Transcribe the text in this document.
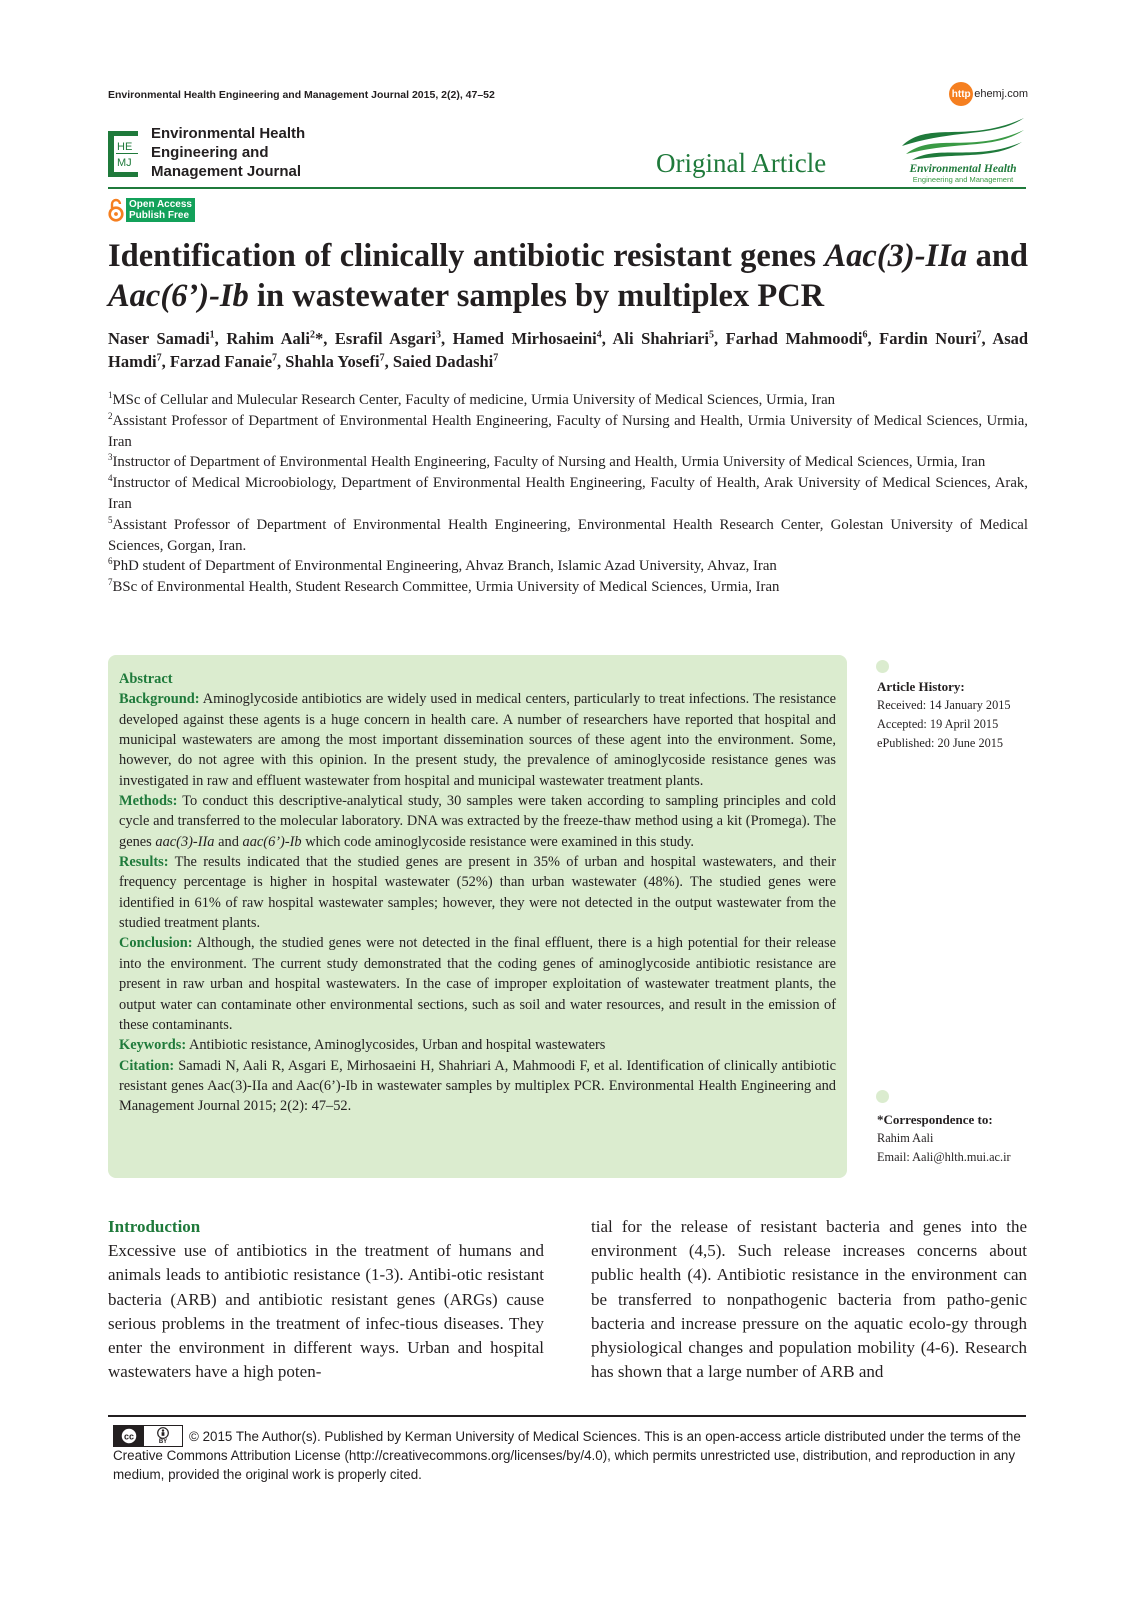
Environmental Health Engineering and Management Journal 2015, 2(2), 47–52	http ehemj.com
HE
MJ
Environmental Health
Engineering and
Management Journal	Original Article	Environmental Health
Engineering and Management
Open Access
Publish Free
Identification of clinically antibiotic resistant genes Aac(3)-IIa and Aac(6’)-Ib in wastewater samples by multiplex PCR
Naser Samadi$^1$, Rahim Aali$^2$*, Esrafil Asgari$^3$, Hamed Mirhosaeini$^4$, Ali Shahriari$^5$, Farhad Mahmoodi$^6$, Fardin Nouri$^7$, Asad Hamdi$^7$, Farzad Fanaie$^7$, Shahla Yosefi$^7$, Saied Dadashi$^7$

$^1$MSc of Cellular and Mulecular Research Center, Faculty of medicine, Urmia University of Medical Sciences, Urmia, Iran

$^2$Assistant Professor of Department of Environmental Health Engineering, Faculty of Nursing and Health, Urmia University of Medical Sciences, Urmia, Iran

$^3$Instructor of Department of Environmental Health Engineering, Faculty of Nursing and Health, Urmia University of Medical Sciences, Urmia, Iran

$^4$Instructor of Medical Microobiology, Department of Environmental Health Engineering, Faculty of Health, Arak University of Medical Sciences, Arak, Iran

$^5$Assistant Professor of Department of Environmental Health Engineering, Environmental Health Research Center, Golestan University of Medical Sciences, Gorgan, Iran.

$^6$PhD student of Department of Environmental Engineering, Ahvaz Branch, Islamic Azad University, Ahvaz, Iran

$^7$BSc of Environmental Health, Student Research Committee, Urmia University of Medical Sciences, Urmia, Iran

Abstract

Background: Aminoglycoside antibiotics are widely used in medical centers, particularly to treat infections. The resistance developed against these agents is a huge concern in health care. A number of researchers have reported that hospital and municipal wastewaters are among the most important dissemination sources of these agent into the environment. Some, however, do not agree with this opinion. In the present study, the prevalence of aminoglycoside resistance genes was investigated in raw and effluent wastewater from hospital and municipal wastewater treatment plants.

Methods: To conduct this descriptive-analytical study, 30 samples were taken according to sampling principles and cold cycle and transferred to the molecular laboratory. DNA was extracted by the freeze-thaw method using a kit (Promega). The genes aac(3)-IIa and aac(6’)-Ib which code aminoglycoside resistance were examined in this study.

Results: The results indicated that the studied genes are present in 35% of urban and hospital wastewaters, and their frequency percentage is higher in hospital wastewater (52%) than urban wastewater (48%). The studied genes were identified in 61% of raw hospital wastewater samples; however, they were not detected in the output wastewater from the studied treatment plants.

Conclusion: Although, the studied genes were not detected in the final effluent, there is a high potential for their release into the environment. The current study demonstrated that the coding genes of aminoglycoside antibiotic resistance are present in raw urban and hospital wastewaters. In the case of improper exploitation of wastewater treatment plants, the output water can contaminate other environmental sections, such as soil and water resources, and result in the emission of these contaminants.

Keywords: Antibiotic resistance, Aminoglycosides, Urban and hospital wastewaters

Citation: Samadi N, Aali R, Asgari E, Mirhosaeini H, Shahriari A, Mahmoodi F, et al. Identification of clinically antibiotic resistant genes Aac(3)-IIa and Aac(6’)-Ib in wastewater samples by multiplex PCR. Environmental Health Engineering and Management Journal 2015; 2(2): 47–52.

Article History:
Received: 14 January 2015
Accepted: 19 April 2015
ePublished: 20 June 2015
*Correspondence to:
Rahim Aali
Email: Aali@hlth.mui.ac.ir
Introduction

Excessive use of antibiotics in the treatment of humans and animals leads to antibiotic resistance (1-3). Antibi-otic resistant bacteria (ARB) and antibiotic resistant genes (ARGs) cause serious problems in the treatment of infec-tious diseases. They enter the environment in different ways. Urban and hospital wastewaters have a high poten-

tial for the release of resistant bacteria and genes into the environment (4,5). Such release increases concerns about public health (4). Antibiotic resistance in the environment can be transferred to nonpathogenic bacteria from patho-genic bacteria and increase pressure on the aquatic ecolo-gy through physiological changes and population mobility (4-6). Research has shown that a large number of ARB and

cc
BY © 2015 The Author(s). Published by Kerman University of Medical Sciences. This is an open-access article distributed under the terms of the Creative Commons Attribution License (http://creativecommons.org/licenses/by/4.0), which permits unrestricted use, distribution, and reproduction in any medium, provided the original work is properly cited.
